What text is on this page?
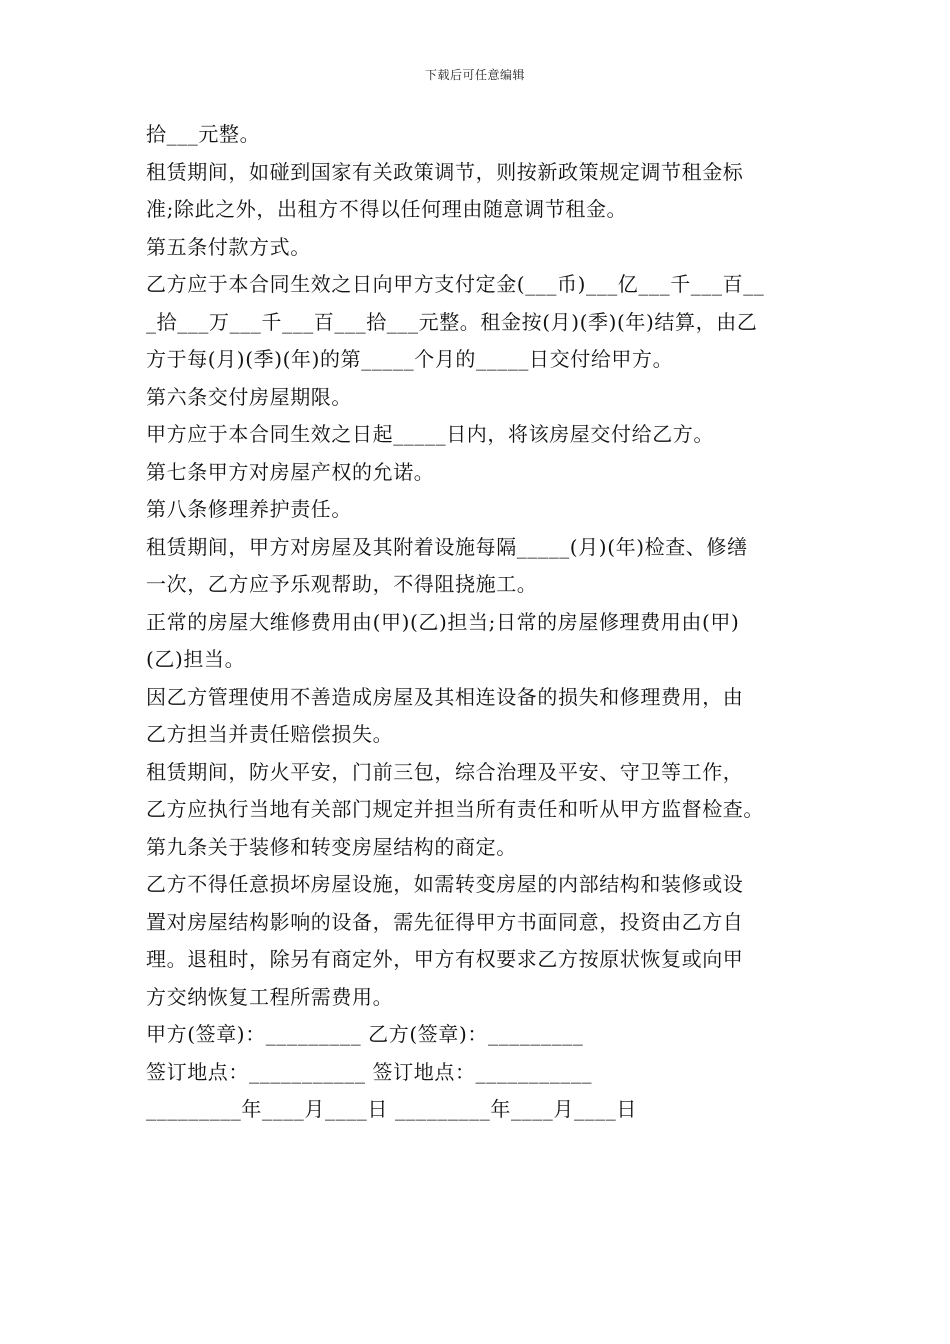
下载后可任意编辑
拾___元整。
租赁期间，如碰到国家有关政策调节，则按新政策规定调节租金标
准;除此之外，出租方不得以任何理由随意调节租金。
第五条付款方式。
乙方应于本合同生效之日向甲方支付定金(___币)___亿___千___百__
_拾___万___千___百___拾___元整。租金按(月)(季)(年)结算，由乙
方于每(月)(季)(年)的第_____个月的_____日交付给甲方。
第六条交付房屋期限。
甲方应于本合同生效之日起_____日内，将该房屋交付给乙方。
第七条甲方对房屋产权的允诺。
第八条修理养护责任。
租赁期间，甲方对房屋及其附着设施每隔_____(月)(年)检查、修缮
一次，乙方应予乐观帮助，不得阻挠施工。
正常的房屋大维修费用由(甲)(乙)担当;日常的房屋修理费用由(甲)
(乙)担当。
因乙方管理使用不善造成房屋及其相连设备的损失和修理费用，由
乙方担当并责任赔偿损失。
租赁期间，防火平安，门前三包，综合治理及平安、守卫等工作，
乙方应执行当地有关部门规定并担当所有责任和听从甲方监督检查。
第九条关于装修和转变房屋结构的商定。
乙方不得任意损坏房屋设施，如需转变房屋的内部结构和装修或设
置对房屋结构影响的设备，需先征得甲方书面同意，投资由乙方自
理。退租时，除另有商定外，甲方有权要求乙方按原状恢复或向甲
方交纳恢复工程所需费用。
甲方(签章)：_________ 乙方(签章)：_________
签订地点：___________ 签订地点：___________
_________年____月____日 _________年____月____日
